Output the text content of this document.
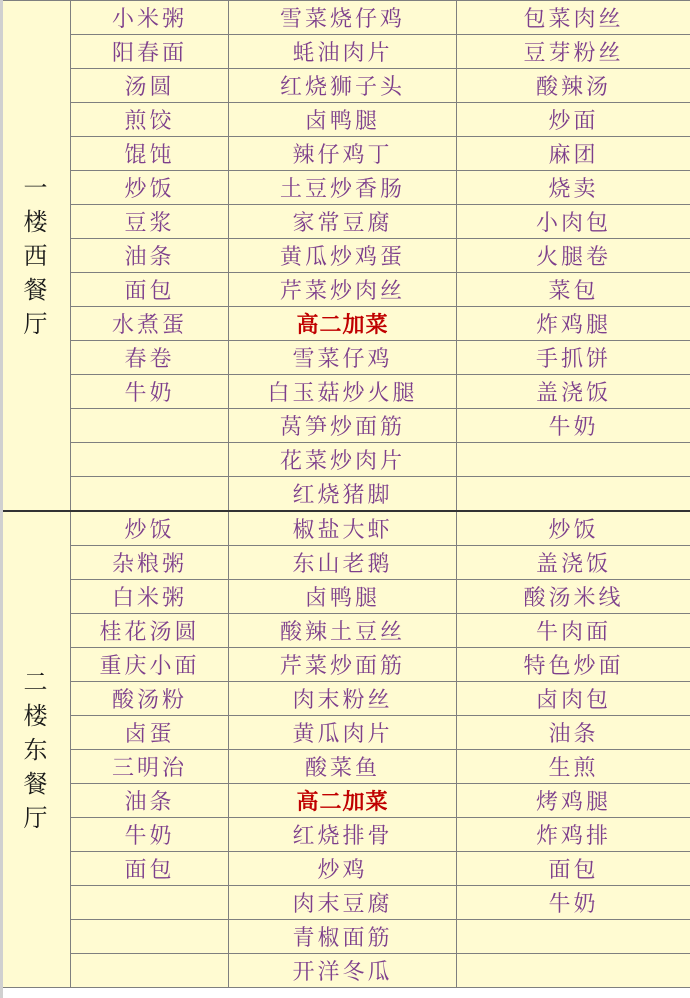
一楼西餐厅	小米粥	雪菜烧仔鸡	包菜肉丝
	阳春面	蚝油肉片	豆芽粉丝
	汤圆	红烧狮子头	酸辣汤
	煎饺	卤鸭腿	炒面
	馄饨	辣仔鸡丁	麻团
	炒饭	土豆炒香肠	烧卖
	豆浆	家常豆腐	小肉包
	油条	黄瓜炒鸡蛋	火腿卷
	面包	芹菜炒肉丝	菜包
	水煮蛋	高二加菜	炸鸡腿
	春卷	雪菜仔鸡	手抓饼
	牛奶	白玉菇炒火腿	盖浇饭
		莴笋炒面筋	牛奶
		花菜炒肉片	
		红烧猪脚	
二楼东餐厅	炒饭	椒盐大虾	炒饭
	杂粮粥	东山老鹅	盖浇饭
	白米粥	卤鸭腿	酸汤米线
	桂花汤圆	酸辣土豆丝	牛肉面
	重庆小面	芹菜炒面筋	特色炒面
	酸汤粉	肉末粉丝	卤肉包
	卤蛋	黄瓜肉片	油条
	三明治	酸菜鱼	生煎
	油条	高二加菜	烤鸡腿
	牛奶	红烧排骨	炸鸡排
	面包	炒鸡	面包
		肉末豆腐	牛奶
		青椒面筋	
		开洋冬瓜	
